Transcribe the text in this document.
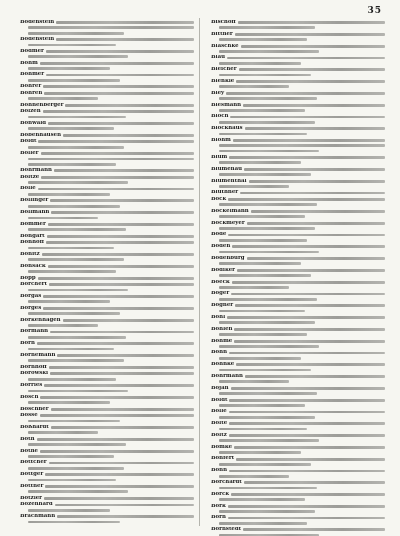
35
Bodenstein
Bodenstein
Bodmer
Böhm
Böhmer
Bohrer
Bohren
Bohnenberger
Bolzen
Bonwald
Bobenhausen
Boldt
Böller
Bohrmann
Boltze
Bolle
Bollinger
Bollmann
Bommer
Bongart
Bonhoff
Bonitz
Bonsack
Bopp
Borchert
Borgas
Borges
Borkenhagen
Bormann
Born
Bornemann
Bornhoff
Borowski
Borries
Bosch
Boschner
Bosse
Boßhardt
Both
Bothe
Böttcher
Böttger
Bottner
Botzler
Bozenhard
Brachmann
Bischoff
Bittner
Blaschke
Blau
Bleicher
Blenkle
Bley
Blesmann
Bloch
Blockhaus
Blohm
Blum
Blumenau
Blumenthal
Blüthner
Bock
Bockelmann
Bockmeyer
Bode
Boden
Bodenburg
Bödiker
Boeck
Böger
Bogner
Bohl
Bohlen
Böhme
Bohn
Böhnke
Bohrmann
Bojan
Boldt
Bolle
Bolte
Boltz
Bomke
Bonfert
Bonn
Borchardt
Borck
Bork
Born
Bornstedt
